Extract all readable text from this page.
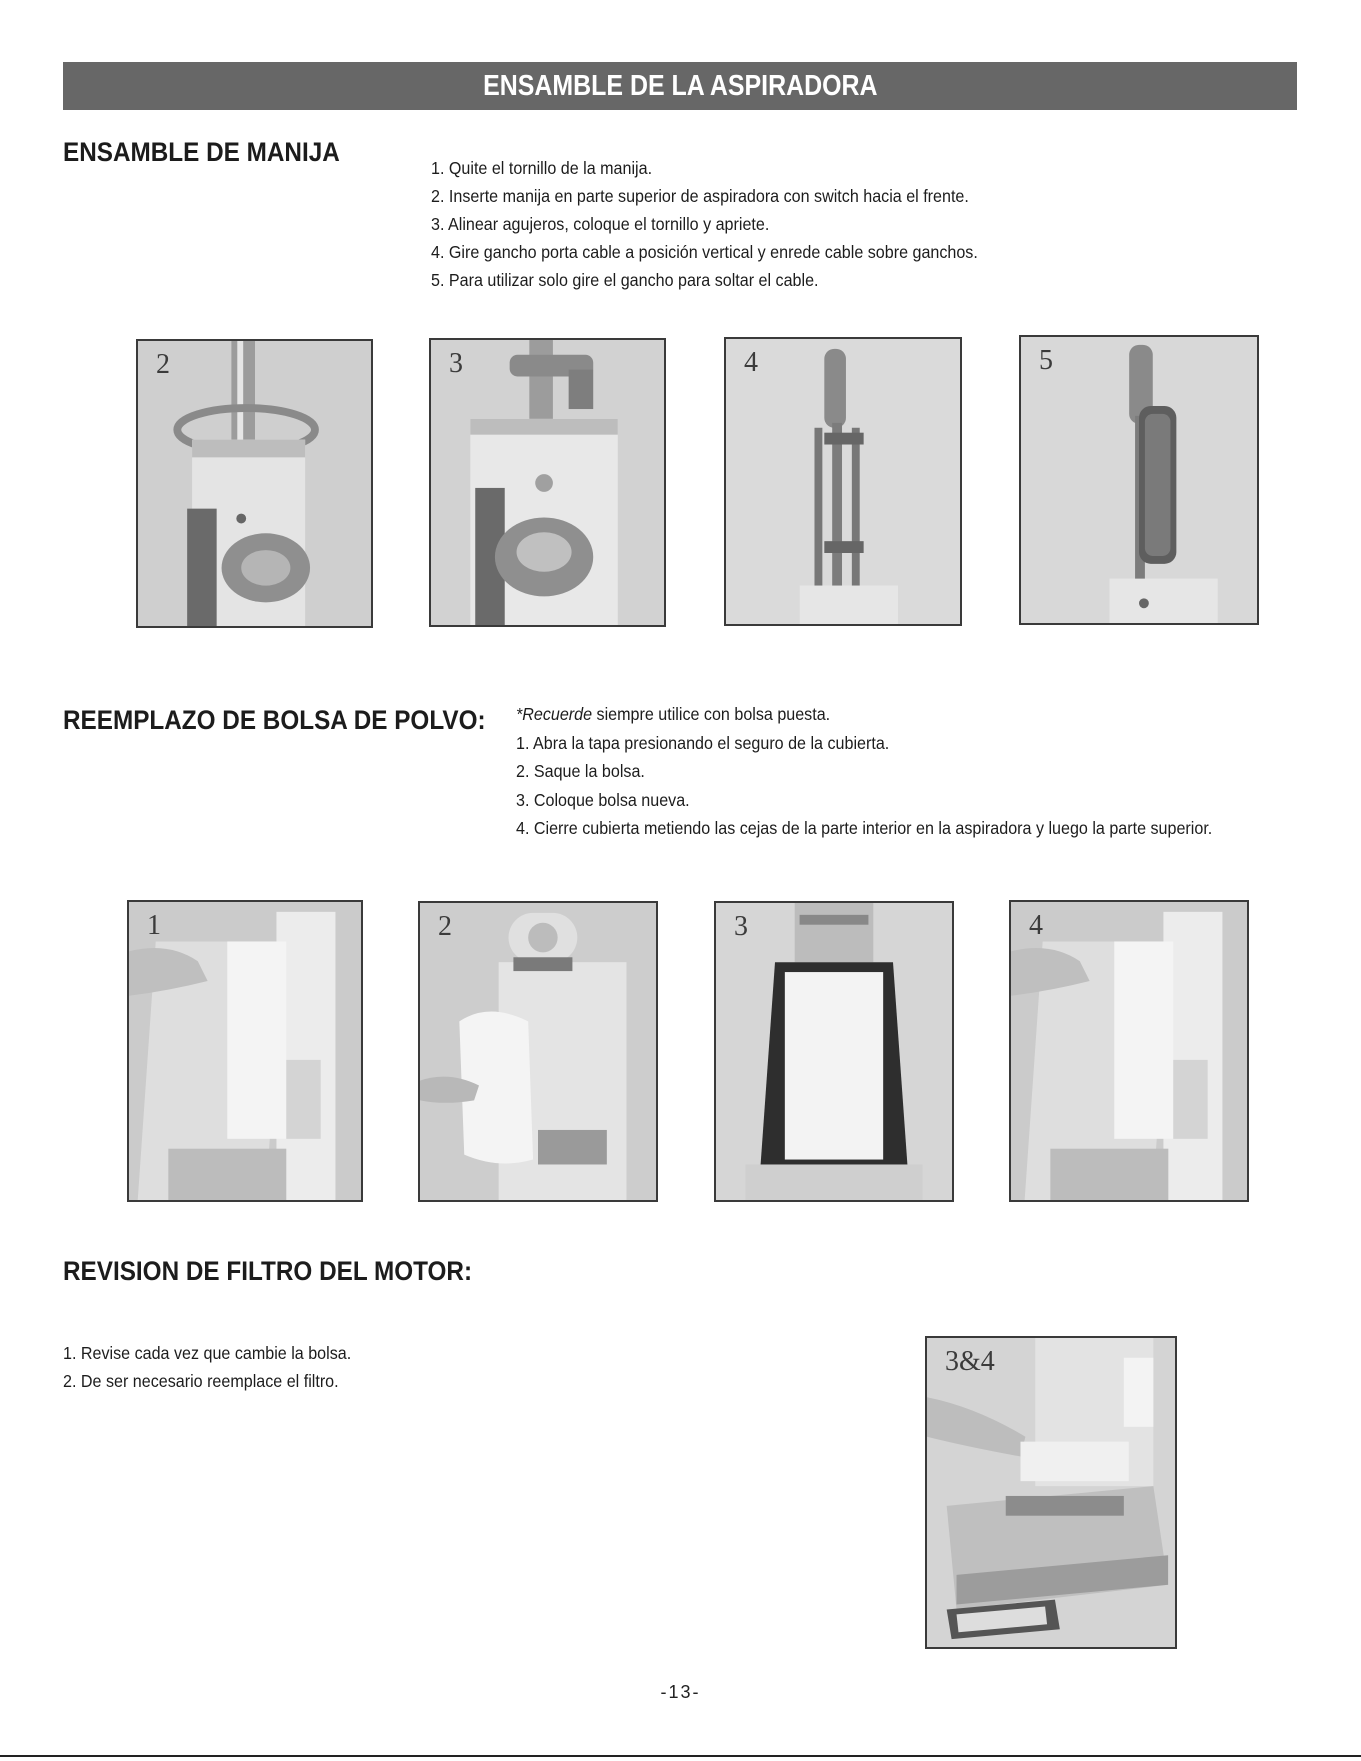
ENSAMBLE DE LA ASPIRADORA
ENSAMBLE DE MANIJA
1. Quite el tornillo de la manija.
2. Inserte manija en parte superior de aspiradora con switch hacia el frente.
3. Alinear agujeros, coloque el tornillo y apriete.
4. Gire gancho porta cable a posición vertical y enrede cable sobre ganchos.
5. Para utilizar solo gire el gancho para soltar el cable.
2	3	4	5
REEMPLAZO DE BOLSA DE POLVO: *Recuerde siempre utilice con bolsa puesta.
1. Abra la tapa presionando el seguro de la cubierta.
2. Saque la bolsa.
3. Coloque bolsa nueva.
4. Cierre cubierta metiendo las cejas de la parte interior en la aspiradora y luego la parte superior.
1	2	3	4
REVISION DE FILTRO DEL MOTOR:
1. Revise cada vez que cambie la bolsa.
2. De ser necesario reemplace el filtro.
3&4
-13-
